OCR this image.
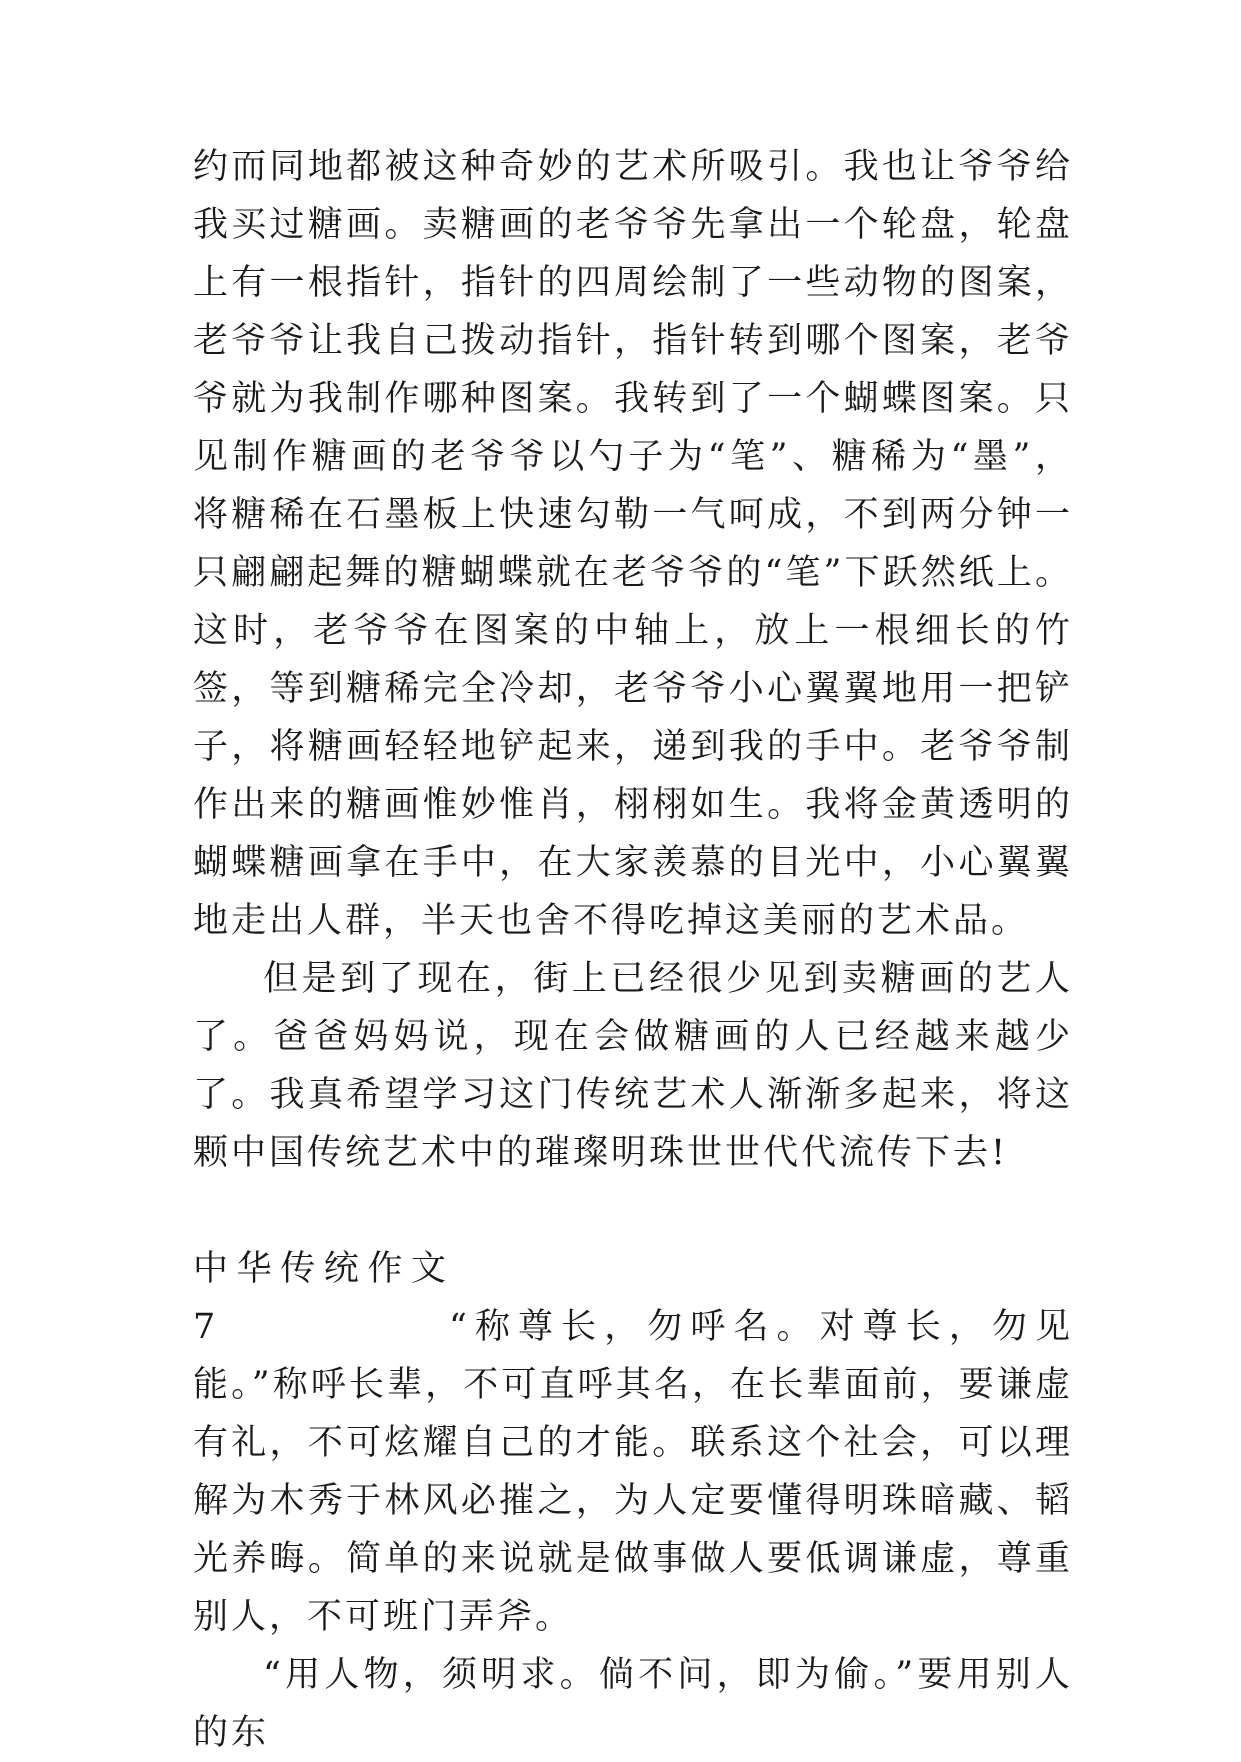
约而同地都被这种奇妙的艺术所吸引。我也让爷爷给我买过糖画。卖糖画的老爷爷先拿出一个轮盘，轮盘上有一根指针，指针的四周绘制了一些动物的图案，老爷爷让我自己拨动指针，指针转到哪个图案，老爷爷就为我制作哪种图案。我转到了一个蝴蝶图案。只见制作糖画的老爷爷以勺子为“笔”、糖稀为“墨”，将糖稀在石墨板上快速勾勒一气呵成，不到两分钟一只翩翩起舞的糖蝴蝶就在老爷爷的“笔”下跃然纸上。这时，老爷爷在图案的中轴上，放上一根细长的竹签，等到糖稀完全冷却，老爷爷小心翼翼地用一把铲子，将糖画轻轻地铲起来，递到我的手中。老爷爷制作出来的糖画惟妙惟肖，栩栩如生。我将金黄透明的蝴蝶糖画拿在手中，在大家羡慕的目光中，小心翼翼地走出人群，半天也舍不得吃掉这美丽的艺术品。

但是到了现在，街上已经很少见到卖糖画的艺人了。爸爸妈妈说，现在会做糖画的人已经越来越少了。我真希望学习这门传统艺术人渐渐多起来，将这颗中国传统艺术中的璀璨明珠世世代代流传下去!

中华传统作文 7	“称尊长，勿呼名。对尊长，勿见能。”称呼长辈，不可直呼其名，在长辈面前，要谦虚有礼，不可炫耀自己的才能。联系这个社会，可以理解为木秀于林风必摧之，为人定要懂得明珠暗藏、韬光养晦。简单的来说就是做事做人要低调谦虚，尊重别人，不可班门弄斧。

“用人物，须明求。倘不问，即为偷。”要用别人的东
